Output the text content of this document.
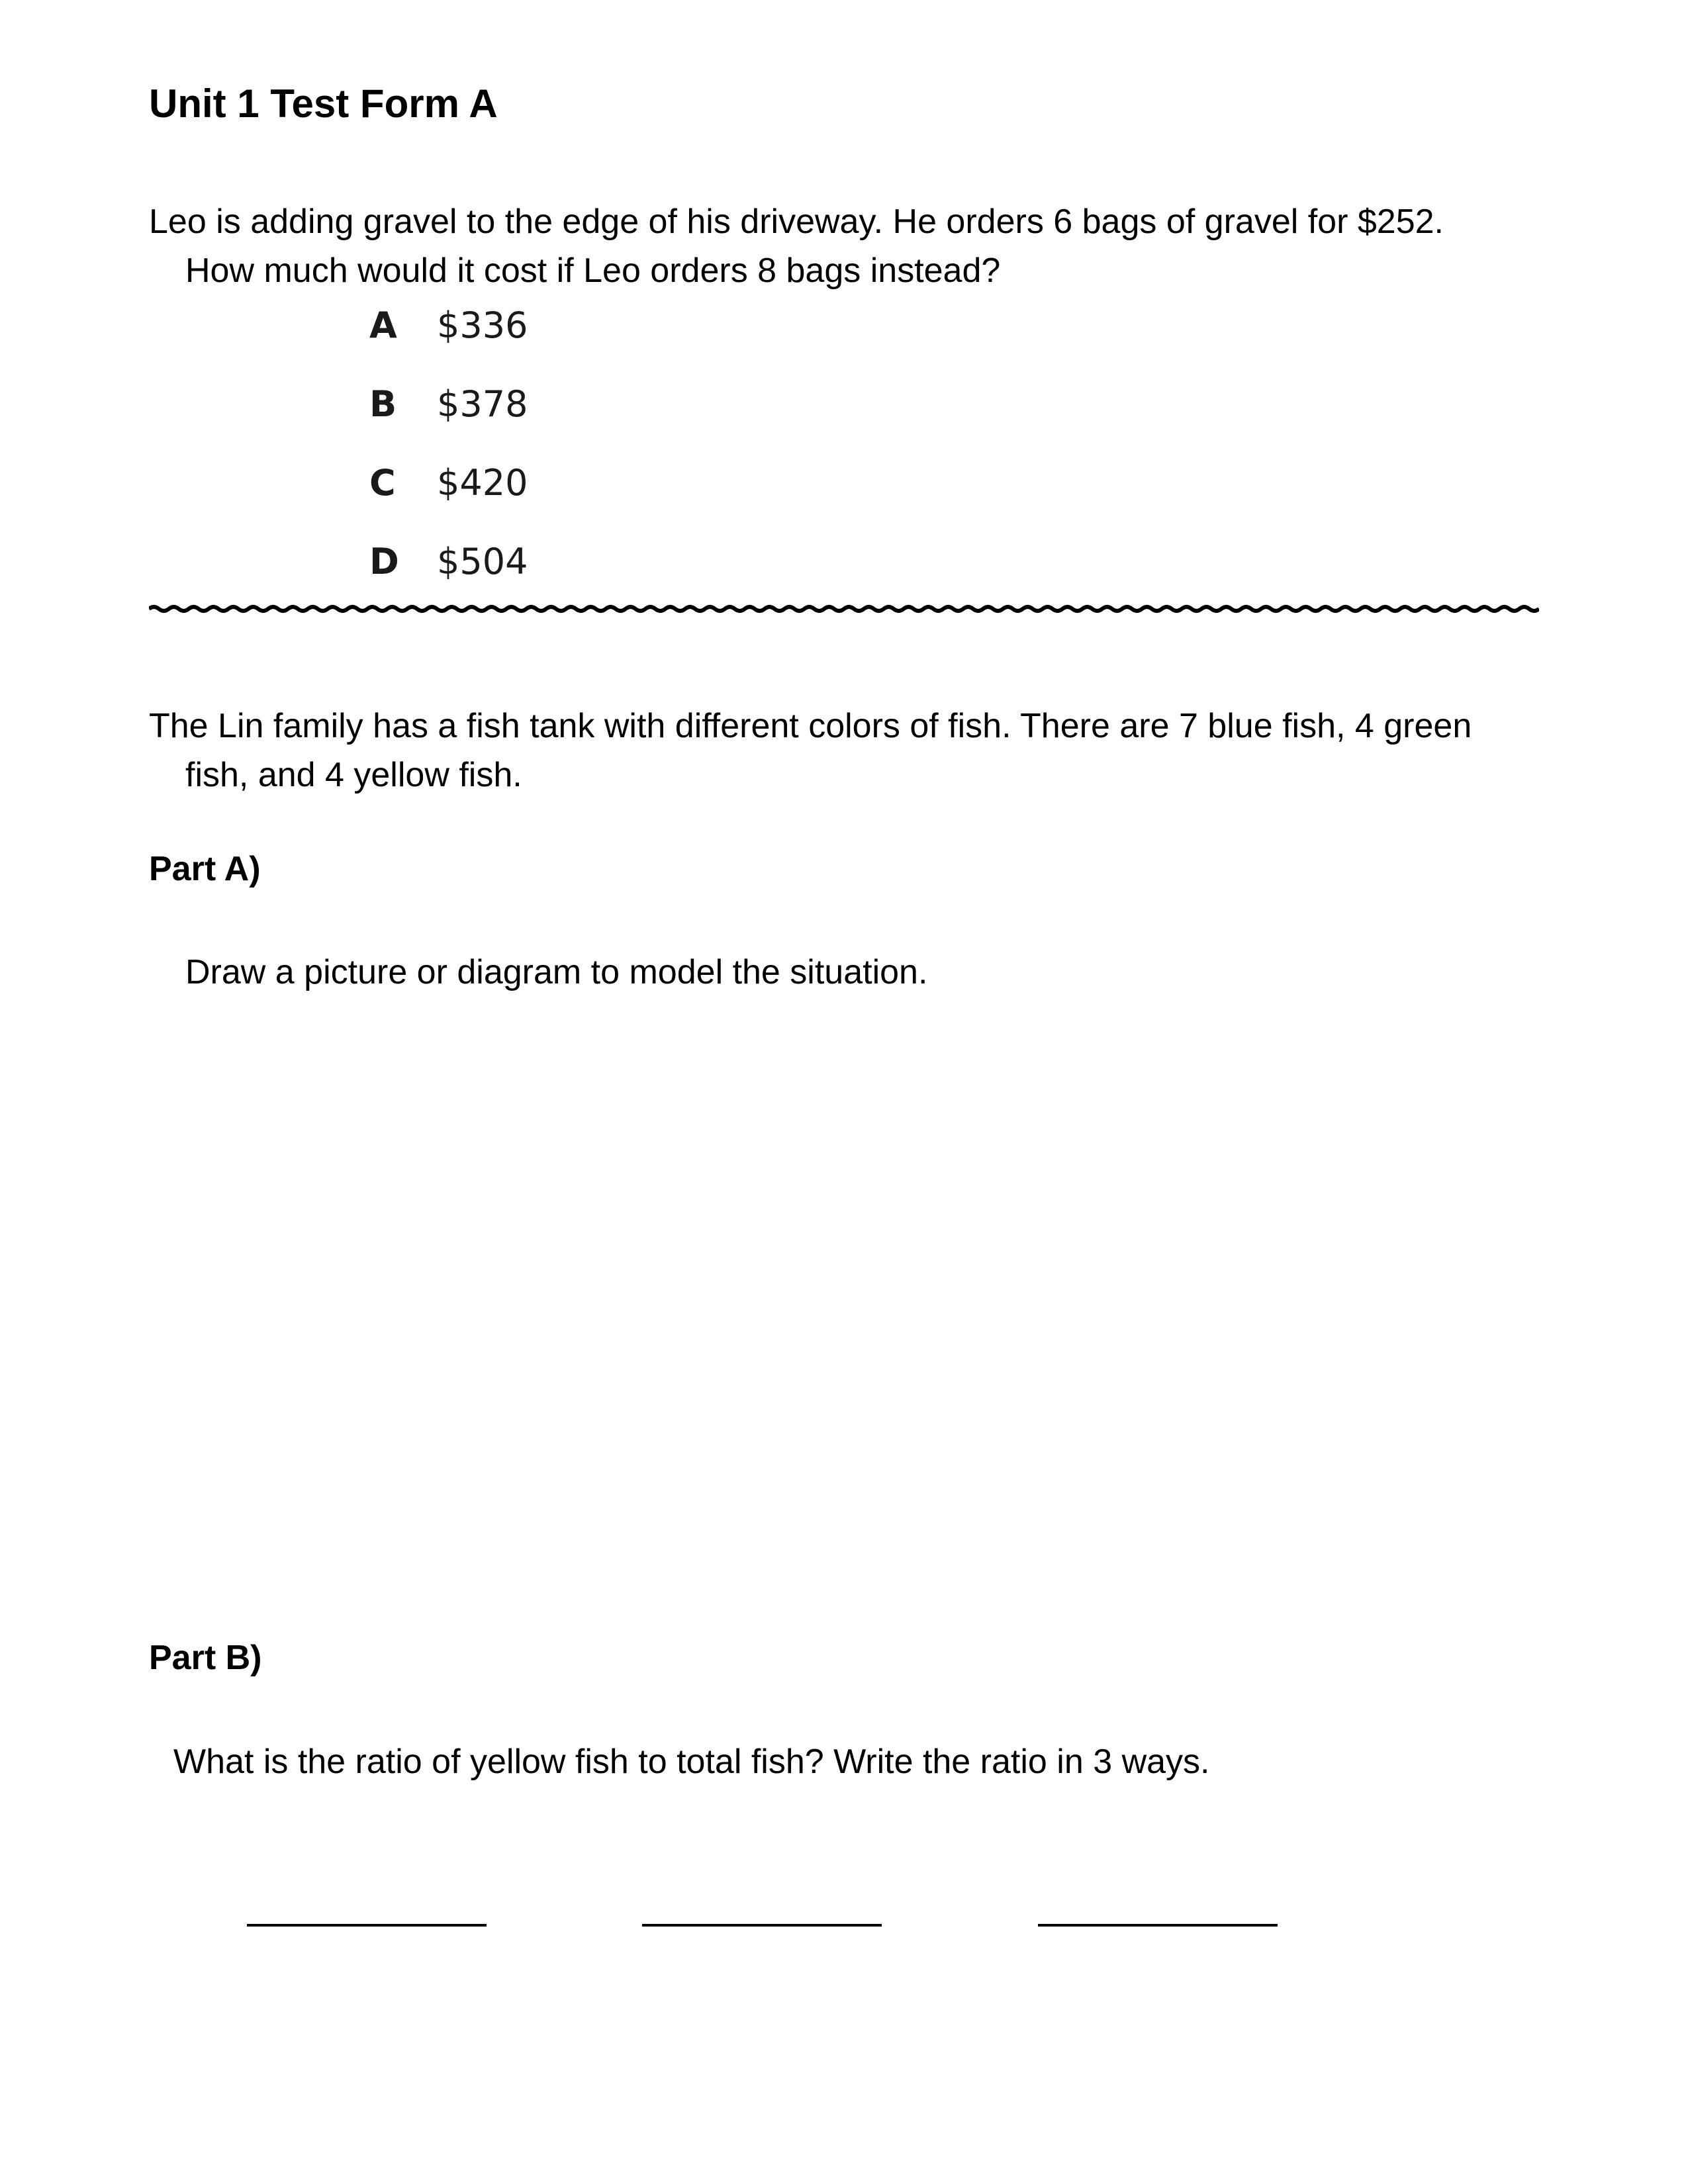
Unit 1 Test Form A
Leo is adding gravel to the edge of his driveway. He orders 6 bags of gravel for $252.
How much would it cost if Leo orders 8 bags instead?
A	$336
B	$378
C	$420
D	$504
The Lin family has a fish tank with different colors of fish. There are 7 blue fish, 4 green
fish, and 4 yellow fish.
Part A)
Draw a picture or diagram to model the situation.
Part B)
What is the ratio of yellow fish to total fish? Write the ratio in 3 ways.
